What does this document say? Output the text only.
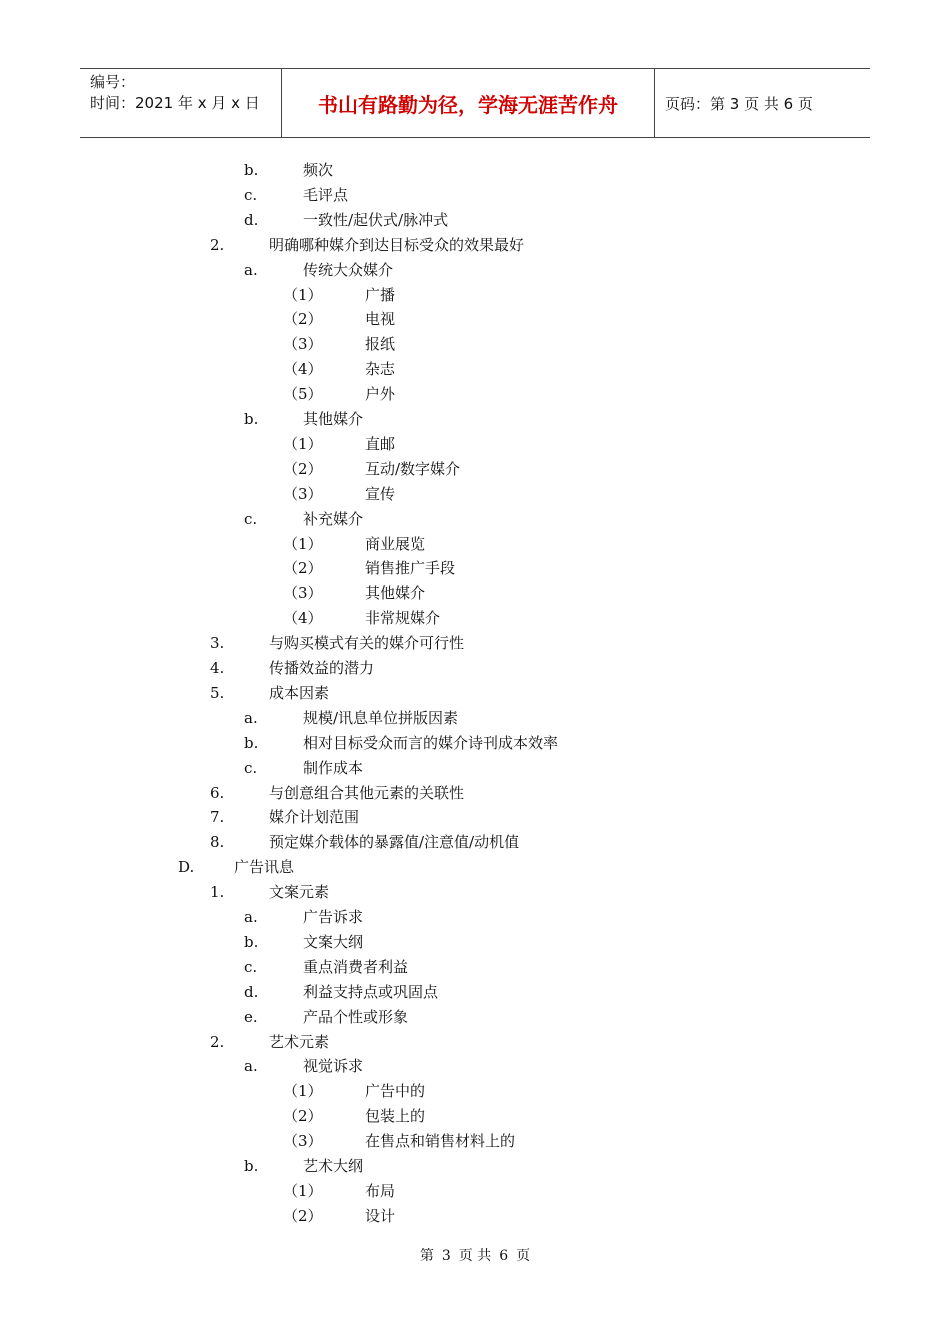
编号：
时间：2021 年 x 月 x 日	书山有路勤为径，学海无涯苦作舟	页码：第 3 页 共 6 页
b.	频次
c.	毛评点
d.	一致性/起伏式/脉冲式
2.	明确哪种媒介到达目标受众的效果最好
a.	传统大众媒介
（1）	广播
（2）	电视
（3）	报纸
（4）	杂志
（5）	户外
b.	其他媒介
（1）	直邮
（2）	互动/数字媒介
（3）	宣传
c.	补充媒介
（1）	商业展览
（2）	销售推广手段
（3）	其他媒介
（4）	非常规媒介
3.	与购买模式有关的媒介可行性
4.	传播效益的潜力
5.	成本因素
a.	规模/讯息单位拼版因素
b.	相对目标受众而言的媒介诗刊成本效率
c.	制作成本
6.	与创意组合其他元素的关联性
7.	媒介计划范围
8.	预定媒介载体的暴露值/注意值/动机值
D.	广告讯息
1.	文案元素
a.	广告诉求
b.	文案大纲
c.	重点消费者利益
d.	利益支持点或巩固点
e.	产品个性或形象
2.	艺术元素
a.	视觉诉求
（1）	广告中的
（2）	包装上的
（3）	在售点和销售材料上的
b.	艺术大纲
（1）	布局
（2）	设计
第 3 页 共 6 页
